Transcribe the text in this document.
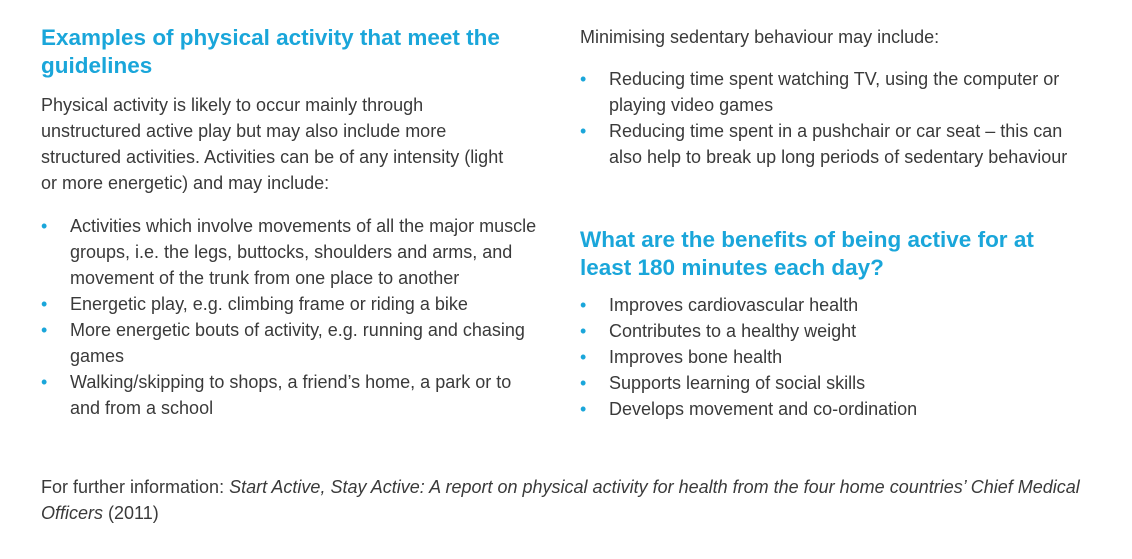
Examples of physical activity that meet the guidelines

Physical activity is likely to occur mainly through unstructured active play but may also include more structured activities. Activities can be of any intensity (light or more energetic) and may include:

• Activities which involve movements of all the major muscle groups, i.e. the legs, buttocks, shoulders and arms, and movement of the trunk from one place to another
• Energetic play, e.g. climbing frame or riding a bike
• More energetic bouts of activity, e.g. running and chasing games
• Walking/skipping to shops, a friend’s home, a park or to and from a school

Minimising sedentary behaviour may include:

• Reducing time spent watching TV, using the computer or playing video games
• Reducing time spent in a pushchair or car seat – this can also help to break up long periods of sedentary behaviour
What are the benefits of being active for at least 180 minutes each day?
• Improves cardiovascular health
• Contributes to a healthy weight
• Improves bone health
• Supports learning of social skills
• Develops movement and co-ordination
For further information: Start Active, Stay Active: A report on physical activity for health from the four home countries’ Chief Medical Officers (2011)
